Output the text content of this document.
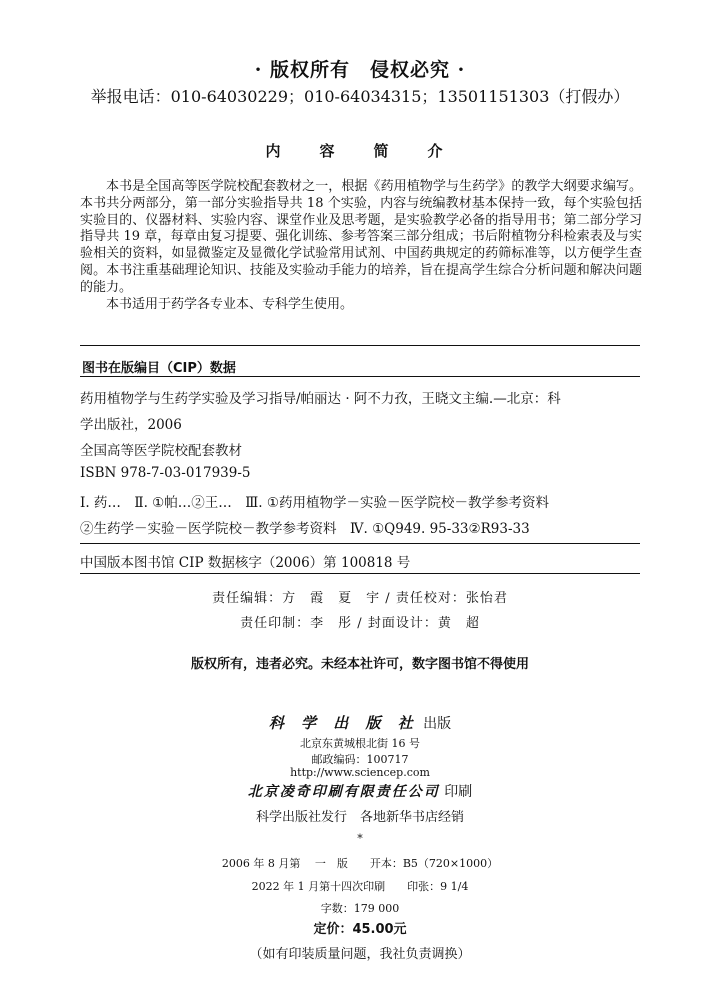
· 版权所有　侵权必究 ·
举报电话：010-64030229；010-64034315；13501151303（打假办）
内　容　简　介

本书是全国高等医学院校配套教材之一，根据《药用植物学与生药学》的教学大纲要求编写。本书共分两部分，第一部分实验指导共 18 个实验，内容与统编教材基本保持一致，每个实验包括实验目的、仪器材料、实验内容、课堂作业及思考题，是实验教学必备的指导用书；第二部分学习指导共 19 章，每章由复习提要、强化训练、参考答案三部分组成；书后附植物分科检索表及与实验相关的资料，如显微鉴定及显微化学试验常用试剂、中国药典规定的药筛标准等，以方便学生查阅。本书注重基础理论知识、技能及实验动手能力的培养，旨在提高学生综合分析问题和解决问题的能力。

本书适用于药学各专业本、专科学生使用。

图书在版编目（CIP）数据
药用植物学与生药学实验及学习指导/帕丽达 · 阿不力孜，王晓文主编.—北京：科
学出版社，2006
全国高等医学院校配套教材
ISBN 978-7-03-017939-5
Ⅰ. 药…　Ⅱ. ①帕…②王…　Ⅲ. ①药用植物学－实验－医学院校－教学参考资料
②生药学－实验－医学院校－教学参考资料　Ⅳ. ①Q949. 95-33②R93-33
中国版本图书馆 CIP 数据核字（2006）第 100818 号
责任编辑：方　霞　夏　宇 / 责任校对：张怡君
责任印制：李　彤 / 封面设计：黄　超
版权所有，违者必究。未经本社许可，数字图书馆不得使用
科 学 出 版 社 出版
北京东黄城根北街 16 号
邮政编码：100717
http://www.sciencep.com
北京凌奇印刷有限责任公司 印刷
科学出版社发行　各地新华书店经销
*
2006 年 8 月第　 一　版　　开本：B5（720×1000）
2022 年 1 月第十四次印刷　　印张：9 1/4
字数：179 000
定价：45.00元
（如有印装质量问题，我社负责调换）
